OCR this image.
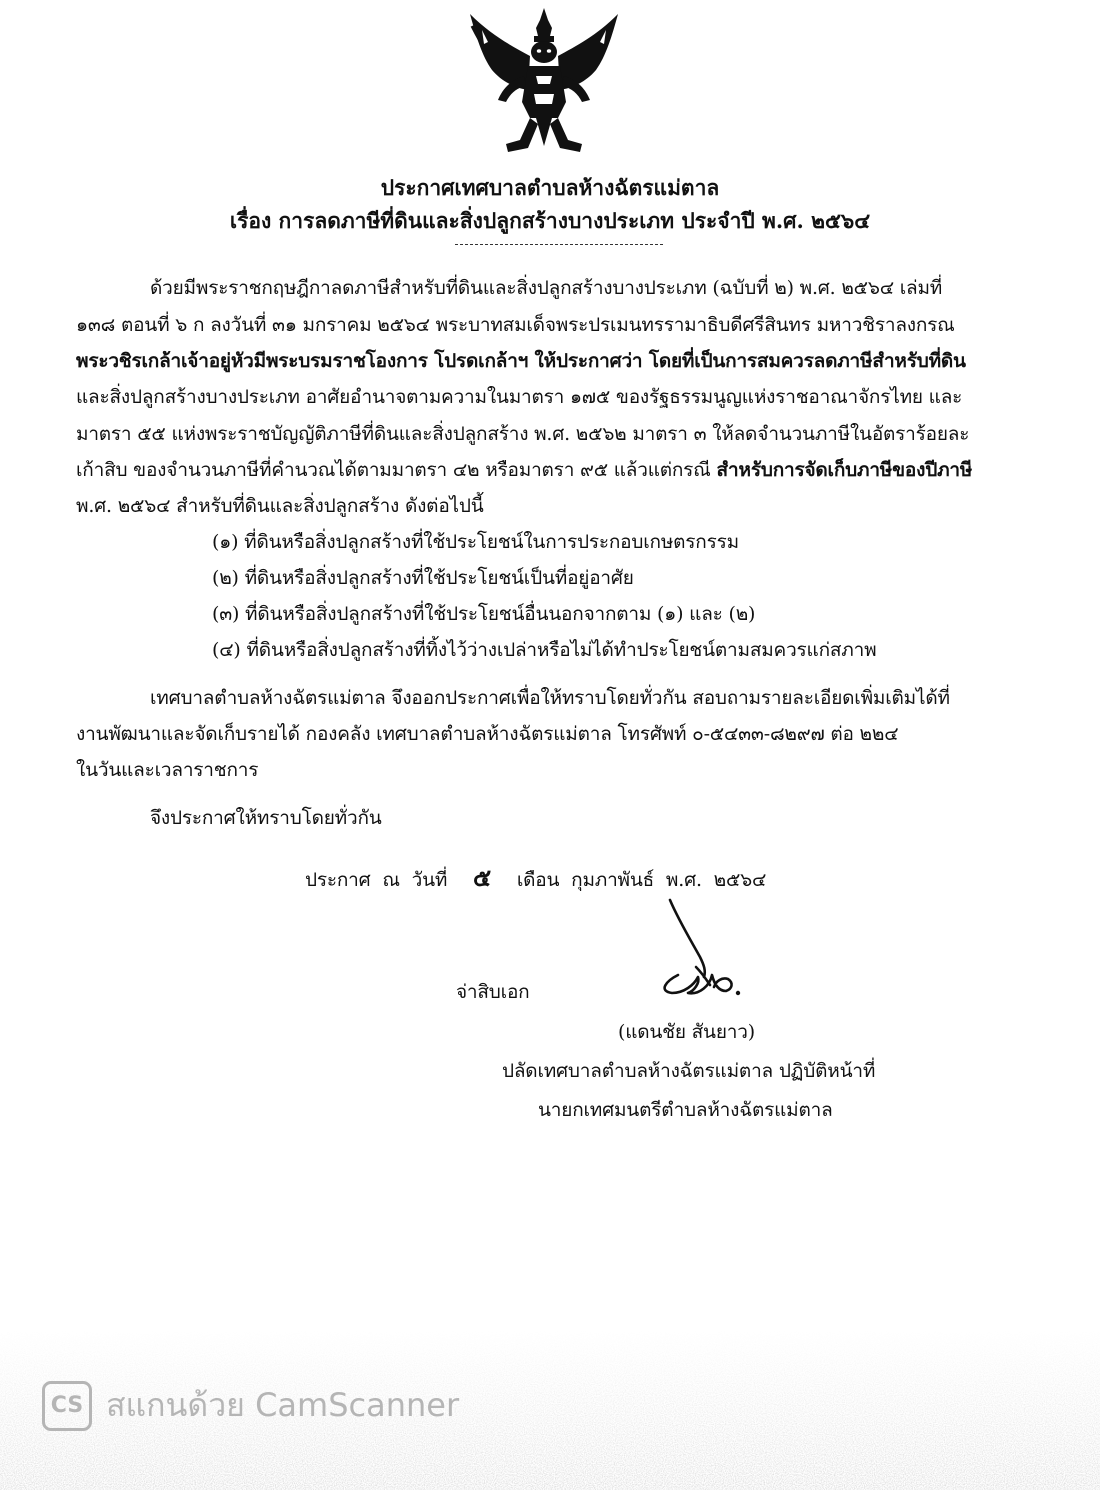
ประกาศเทศบาลตำบลห้างฉัตรแม่ตาล
เรื่อง การลดภาษีที่ดินและสิ่งปลูกสร้างบางประเภท ประจำปี พ.ศ. ๒๕๖๔
ด้วยมีพระราชกฤษฎีกาลดภาษีสำหรับที่ดินและสิ่งปลูกสร้างบางประเภท (ฉบับที่ ๒) พ.ศ. ๒๕๖๔ เล่มที่
๑๓๘ ตอนที่ ๖ ก ลงวันที่ ๓๑ มกราคม ๒๕๖๔ พระบาทสมเด็จพระปรเมนทรรามาธิบดีศรีสินทร มหาวชิราลงกรณ
พระวชิรเกล้าเจ้าอยู่หัวมีพระบรมราชโองการ โปรดเกล้าฯ ให้ประกาศว่า โดยที่เป็นการสมควรลดภาษีสำหรับที่ดิน
และสิ่งปลูกสร้างบางประเภท อาศัยอำนาจตามความในมาตรา ๑๗๕ ของรัฐธรรมนูญแห่งราชอาณาจักรไทย และ
มาตรา ๕๕ แห่งพระราชบัญญัติภาษีที่ดินและสิ่งปลูกสร้าง พ.ศ. ๒๕๖๒ มาตรา ๓ ให้ลดจำนวนภาษีในอัตราร้อยละ
เก้าสิบ ของจำนวนภาษีที่คำนวณได้ตามมาตรา ๔๒ หรือมาตรา ๙๕ แล้วแต่กรณี สำหรับการจัดเก็บภาษีของปีภาษี
พ.ศ. ๒๕๖๔ สำหรับที่ดินและสิ่งปลูกสร้าง ดังต่อไปนี้
(๑) ที่ดินหรือสิ่งปลูกสร้างที่ใช้ประโยชน์ในการประกอบเกษตรกรรม
(๒) ที่ดินหรือสิ่งปลูกสร้างที่ใช้ประโยชน์เป็นที่อยู่อาศัย
(๓) ที่ดินหรือสิ่งปลูกสร้างที่ใช้ประโยชน์อื่นนอกจากตาม (๑) และ (๒)
(๔) ที่ดินหรือสิ่งปลูกสร้างที่ทิ้งไว้ว่างเปล่าหรือไม่ได้ทำประโยชน์ตามสมควรแก่สภาพ
เทศบาลตำบลห้างฉัตรแม่ตาล จึงออกประกาศเพื่อให้ทราบโดยทั่วกัน สอบถามรายละเอียดเพิ่มเติมได้ที่
งานพัฒนาและจัดเก็บรายได้ กองคลัง เทศบาลตำบลห้างฉัตรแม่ตาล โทรศัพท์ ๐-๕๔๓๓-๘๒๙๗ ต่อ ๒๒๔
ในวันและเวลาราชการ
จึงประกาศให้ทราบโดยทั่วกัน
ประกาศ ณ วันที่ ๕ เดือน กุมภาพันธ์ พ.ศ. ๒๕๖๔
จ่าสิบเอก
(แดนชัย สันยาว)
ปลัดเทศบาลตำบลห้างฉัตรแม่ตาล ปฏิบัติหน้าที่
นายกเทศมนตรีตำบลห้างฉัตรแม่ตาล
CS สแกนด้วย CamScanner
